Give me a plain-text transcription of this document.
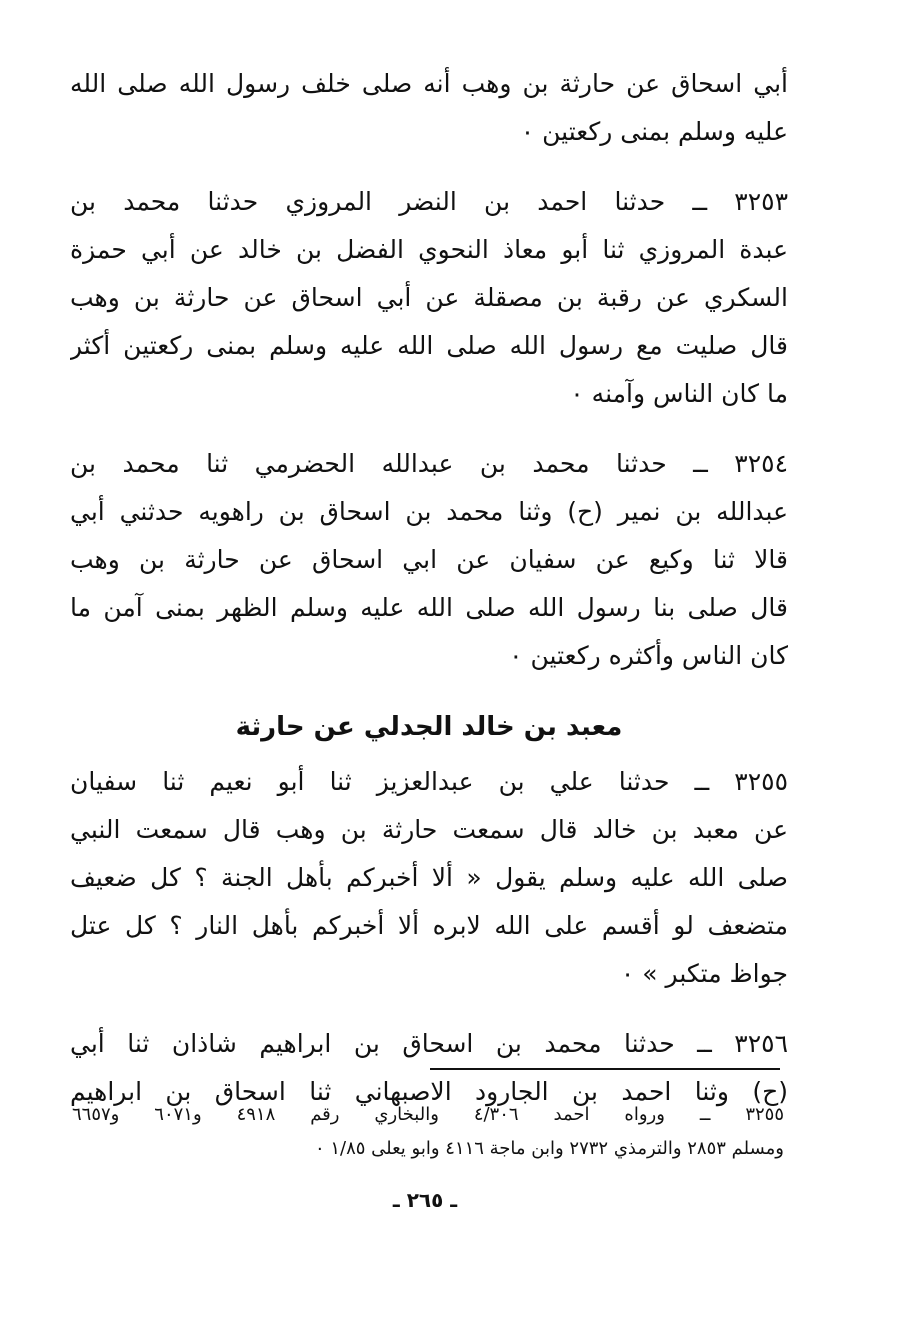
أبي اسحاق عن حارثة بن وهب أنه صلى خلف رسول الله صلى الله
عليه وسلم بمنى ركعتين ٠
٣٢٥٣ ــ حدثنا احمد بن النضر المروزي حدثنا محمد بن
عبدة المروزي ثنا أبو معاذ النحوي الفضل بن خالد عن أبي حمزة
السكري عن رقبة بن مصقلة عن أبي اسحاق عن حارثة بن وهب
قال صليت مع رسول الله صلى الله عليه وسلم بمنى ركعتين أكثر
ما كان الناس وآمنه ٠
٣٢٥٤ ــ حدثنا محمد بن عبدالله الحضرمي ثنا محمد بن
عبدالله بن نمير (ح) وثنا محمد بن اسحاق بن راهويه حدثني أبي
قالا ثنا وكيع عن سفيان عن ابي اسحاق عن حارثة بن وهب
قال صلى بنا رسول الله صلى الله عليه وسلم الظهر بمنى آمن ما
كان الناس وأكثره ركعتين ٠
معبد بن خالد الجدلي عن حارثة
٣٢٥٥ ــ حدثنا علي بن عبدالعزيز ثنا أبو نعيم ثنا سفيان
عن معبد بن خالد قال سمعت حارثة بن وهب قال سمعت النبي
صلى الله عليه وسلم يقول « ألا أخبركم بأهل الجنة ؟ كل ضعيف
متضعف لو أقسم على الله لابره ألا أخبركم بأهل النار ؟ كل عتل
جواظ متكبر » ٠
٣٢٥٦ ــ حدثنا محمد بن اسحاق بن ابراهيم شاذان ثنا أبي
(ح) وثنا احمد بن الجارود الاصبهاني ثنا اسحاق بن ابراهيم
٣٢٥٥ ــ ورواه احمد ٤/٣٠٦ والبخاري رقم ٤٩١٨ و٦٠٧١ و٦٦٥٧
ومسلم ٢٨٥٣ والترمذي ٢٧٣٢ وابن ماجة ٤١١٦ وابو يعلى ١/٨٥ ٠
ـ ٢٦٥ ـ
